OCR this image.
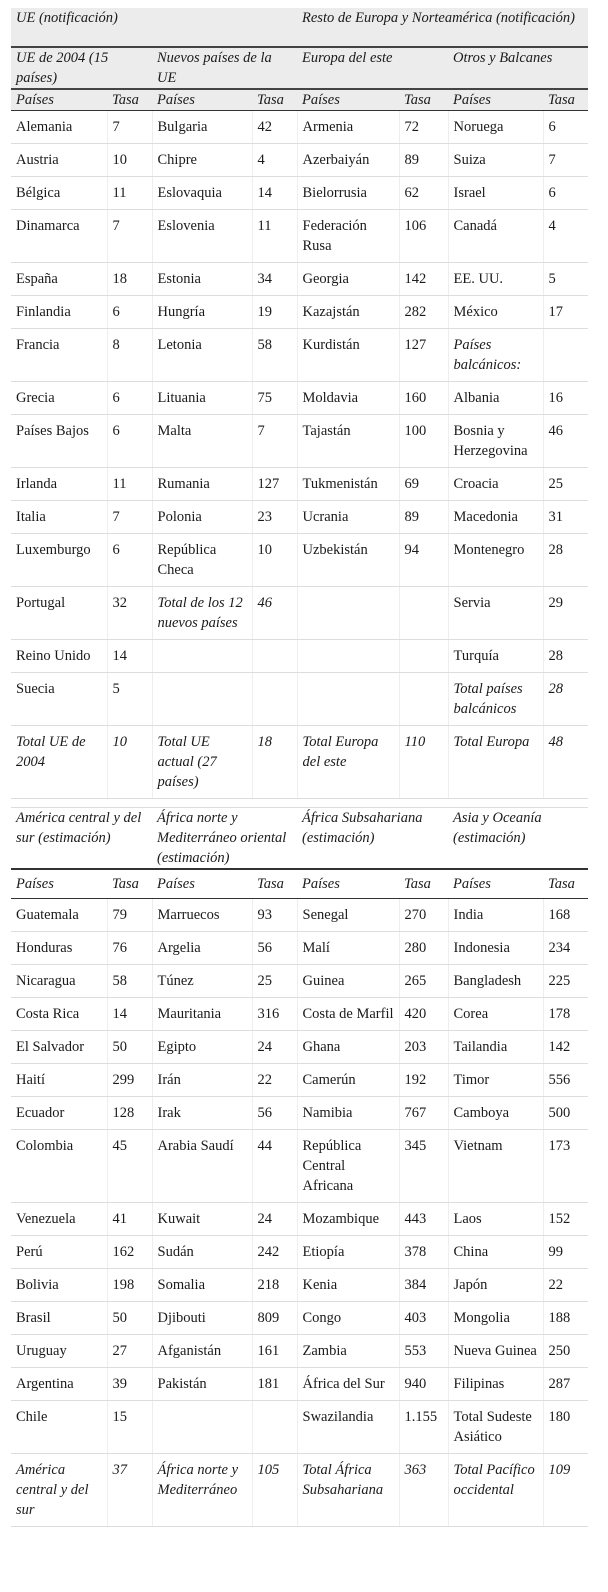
UE (notificación)				Resto de Europa y Norteamérica (notificación)			
UE de 2004 (15 países)		Nuevos países de la UE		Europa del este		Otros y Balcanes	
Países	Tasa	Países	Tasa	Países	Tasa	Países	Tasa
Alemania	7	Bulgaria	42	Armenia	72	Noruega	6
Austria	10	Chipre	4	Azerbaiyán	89	Suiza	7
Bélgica	11	Eslovaquia	14	Bielorrusia	62	Israel	6
Dinamarca	7	Eslovenia	11	Federación Rusa	106	Canadá	4
España	18	Estonia	34	Georgia	142	EE. UU.	5
Finlandia	6	Hungría	19	Kazajstán	282	México	17
Francia	8	Letonia	58	Kurdistán	127	Países balcánicos:	
Grecia	6	Lituania	75	Moldavia	160	Albania	16
Países Bajos	6	Malta	7	Tajastán	100	Bosnia y Herzegovina	46
Irlanda	11	Rumania	127	Tukmenistán	69	Croacia	25
Italia	7	Polonia	23	Ucrania	89	Macedonia	31
Luxemburgo	6	República Checa	10	Uzbekistán	94	Montenegro	28
Portugal	32	Total de los 12 nuevos países	46			Servia	29
Reino Unido	14					Turquía	28
Suecia	5					Total países balcánicos	28
Total UE de 2004	10	Total UE actual (27 países)	18	Total Europa del este	110	Total Europa	48

América central y del sur (estimación)		África norte y Mediterráneo oriental (estimación)		África Subsahariana (estimación)		Asia y Oceanía (estimación)	
Países	Tasa	Países	Tasa	Países	Tasa	Países	Tasa
Guatemala	79	Marruecos	93	Senegal	270	India	168
Honduras	76	Argelia	56	Malí	280	Indonesia	234
Nicaragua	58	Túnez	25	Guinea	265	Bangladesh	225
Costa Rica	14	Mauritania	316	Costa de Marfil	420	Corea	178
El Salvador	50	Egipto	24	Ghana	203	Tailandia	142
Haití	299	Irán	22	Camerún	192	Timor	556
Ecuador	128	Irak	56	Namibia	767	Camboya	500
Colombia	45	Arabia Saudí	44	República Central Africana	345	Vietnam	173
Venezuela	41	Kuwait	24	Mozambique	443	Laos	152
Perú	162	Sudán	242	Etiopía	378	China	99
Bolivia	198	Somalia	218	Kenia	384	Japón	22
Brasil	50	Djibouti	809	Congo	403	Mongolia	188
Uruguay	27	Afganistán	161	Zambia	553	Nueva Guinea	250
Argentina	39	Pakistán	181	África del Sur	940	Filipinas	287
Chile	15			Swazilandia	1.155	Total Sudeste Asiático	180
América central y del sur	37	África norte y Mediterráneo	105	Total África Subsahariana	363	Total Pacífico occidental	109
